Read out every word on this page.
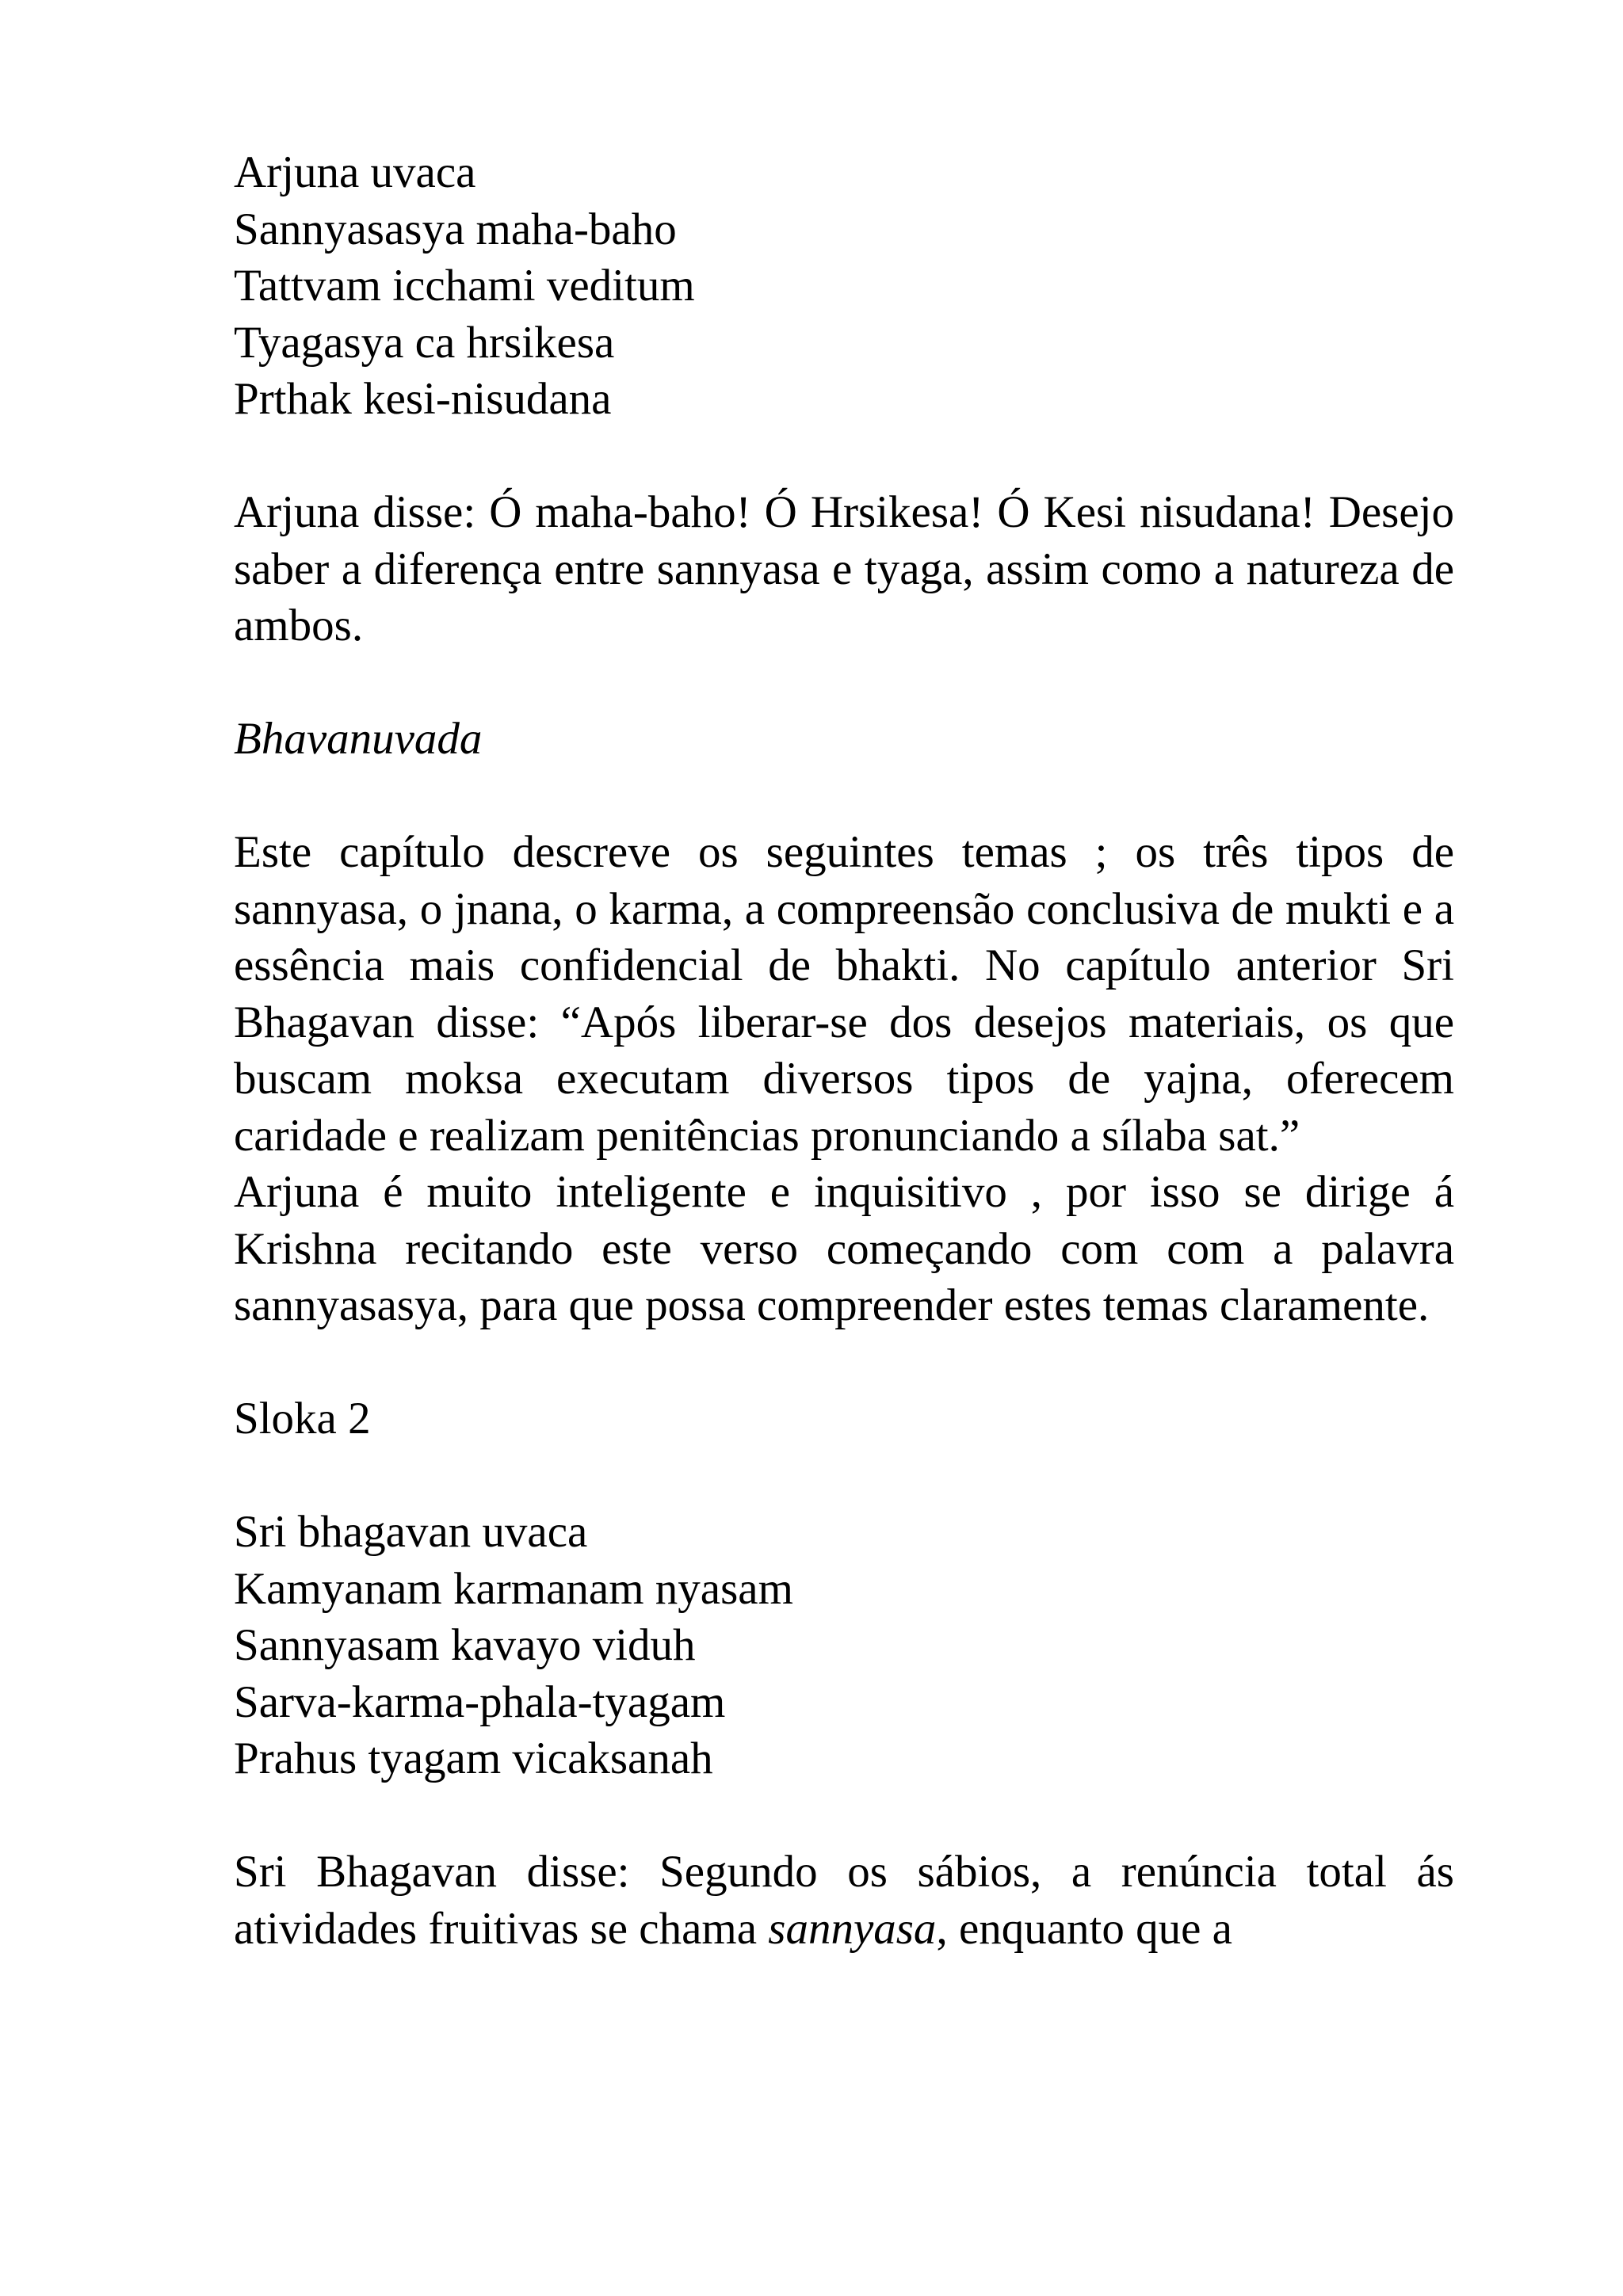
Arjuna uvaca

Sannyasasya maha-baho

Tattvam icchami veditum

Tyagasya ca hrsikesa

Prthak kesi-nisudana

Arjuna disse: Ó maha-baho! Ó Hrsikesa! Ó Kesi nisudana! Desejo saber a diferença entre sannyasa e tyaga, assim como a natureza de ambos.

Bhavanuvada

Este capítulo descreve os seguintes temas ; os três tipos de sannyasa, o jnana, o karma, a compreensão conclusiva de mukti e a essência mais confidencial de bhakti. No capítulo anterior Sri Bhagavan disse: “Após liberar-se dos desejos materiais, os que buscam moksa executam diversos tipos de yajna, oferecem caridade e realizam penitências pronunciando a sílaba sat.”

Arjuna é muito inteligente e inquisitivo , por isso se dirige á Krishna recitando este verso começando com com a palavra sannyasasya, para que possa compreender estes temas claramente.

Sloka 2

Sri bhagavan uvaca

Kamyanam karmanam nyasam

Sannyasam kavayo viduh

Sarva-karma-phala-tyagam

Prahus tyagam vicaksanah

Sri Bhagavan disse: Segundo os sábios, a renúncia total ás atividades fruitivas se chama sannyasa, enquanto que a
